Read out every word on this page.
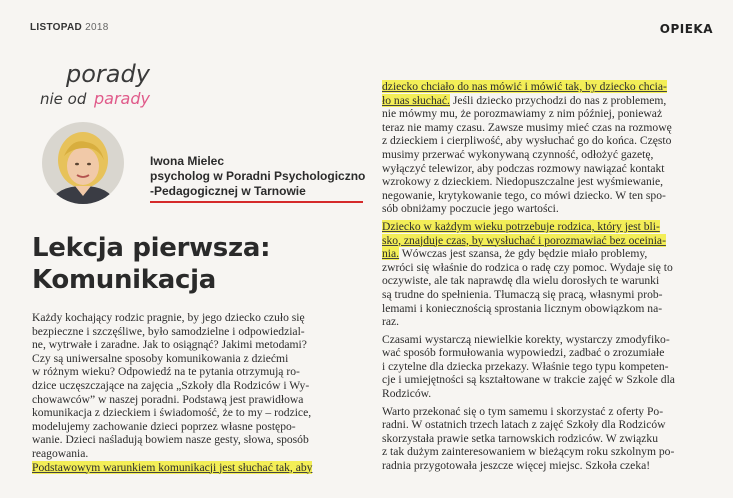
LISTOPAD 2018	OPIEKA
porady
nie od parady
Iwona Mielec
psycholog w Poradni Psychologiczno
-Pedagogicznej w Tarnowie
Lekcja pierwsza:
Komunikacja

Każdy kochający rodzic pragnie, by jego dziecko czuło się
bezpieczne i szczęśliwe, było samodzielne i odpowiedzial-
ne, wytrwałe i zaradne. Jak to osiągnąć? Jakimi metodami?
Czy są uniwersalne sposoby komunikowania z dziećmi
w różnym wieku? Odpowiedź na te pytania otrzymują ro-
dzice uczęszczające na zajęcia „Szkoły dla Rodziców i Wy-
chowawców” w naszej poradni. Podstawą jest prawidłowa
komunikacja z dzieckiem i świadomość, że to my – rodzice,
modelujemy zachowanie dzieci poprzez własne postępo-
wanie. Dzieci naśladują bowiem nasze gesty, słowa, sposób
reagowania.

Podstawowym warunkiem komunikacji jest słuchać tak, aby

dziecko chciało do nas mówić i mówić tak, by dziecko chcia-
ło nas słuchać. Jeśli dziecko przychodzi do nas z problemem,
nie mówmy mu, że porozmawiamy z nim później, ponieważ
teraz nie mamy czasu. Zawsze musimy mieć czas na rozmowę
z dzieckiem i cierpliwość, aby wysłuchać go do końca. Często
musimy przerwać wykonywaną czynność, odłożyć gazetę,
wyłączyć telewizor, aby podczas rozmowy nawiązać kontakt
wzrokowy z dzieckiem. Niedopuszczalne jest wyśmiewanie,
negowanie, krytykowanie tego, co mówi dziecko. W ten spo-
sób obniżamy poczucie jego wartości.

Dziecko w każdym wieku potrzebuje rodzica, który jest bli-
sko, znajduje czas, by wysłuchać i porozmawiać bez oceinia-
nia. Wówczas jest szansa, że gdy będzie miało problemy,
zwróci się właśnie do rodzica o radę czy pomoc. Wydaje się to
oczywiste, ale tak naprawdę dla wielu dorosłych te warunki
są trudne do spełnienia. Tłumaczą się pracą, własnymi prob-
lemami i koniecznością sprostania licznym obowiązkom na-
raz.

Czasami wystarczą niewielkie korekty, wystarczy zmodyfiko-
wać sposób formułowania wypowiedzi, zadbać o zrozumiałe
i czytelne dla dziecka przekazy. Właśnie tego typu kompeten-
cje i umiejętności są kształtowane w trakcie zajęć w Szkole dla
Rodziców.

Warto przekonać się o tym samemu i skorzystać z oferty Po-
radni. W ostatnich trzech latach z zajęć Szkoły dla Rodziców
skorzystała prawie setka tarnowskich rodziców. W związku
z tak dużym zainteresowaniem w bieżącym roku szkolnym po-
radnia przygotowała jeszcze więcej miejsc. Szkoła czeka!
